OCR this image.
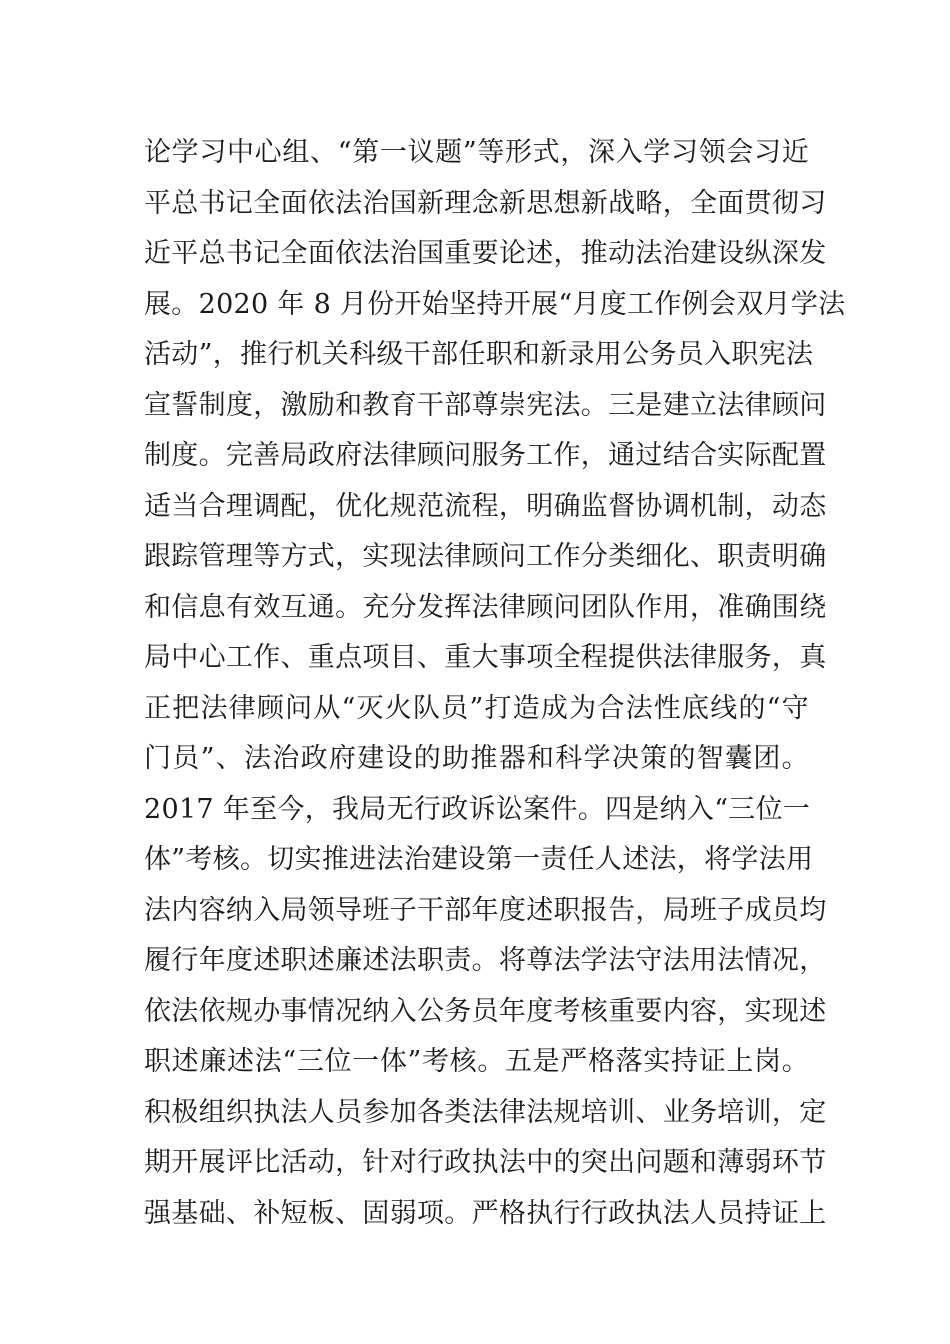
论学习中心组、“第一议题”等形式，深入学习领会习近
平总书记全面依法治国新理念新思想新战略，全面贯彻习
近平总书记全面依法治国重要论述，推动法治建设纵深发
展。2020 年 8 月份开始坚持开展“月度工作例会双月学法
活动”，推行机关科级干部任职和新录用公务员入职宪法
宣誓制度，激励和教育干部尊崇宪法。三是建立法律顾问
制度。完善局政府法律顾问服务工作，通过结合实际配置
适当合理调配，优化规范流程，明确监督协调机制，动态
跟踪管理等方式，实现法律顾问工作分类细化、职责明确
和信息有效互通。充分发挥法律顾问团队作用，准确围绕
局中心工作、重点项目、重大事项全程提供法律服务，真
正把法律顾问从“灭火队员”打造成为合法性底线的“守
门员”、法治政府建设的助推器和科学决策的智囊团。
2017 年至今，我局无行政诉讼案件。四是纳入“三位一
体”考核。切实推进法治建设第一责任人述法，将学法用
法内容纳入局领导班子干部年度述职报告，局班子成员均
履行年度述职述廉述法职责。将尊法学法守法用法情况，
依法依规办事情况纳入公务员年度考核重要内容，实现述
职述廉述法“三位一体”考核。五是严格落实持证上岗。
积极组织执法人员参加各类法律法规培训、业务培训，定
期开展评比活动，针对行政执法中的突出问题和薄弱环节
强基础、补短板、固弱项。严格执行行政执法人员持证上
